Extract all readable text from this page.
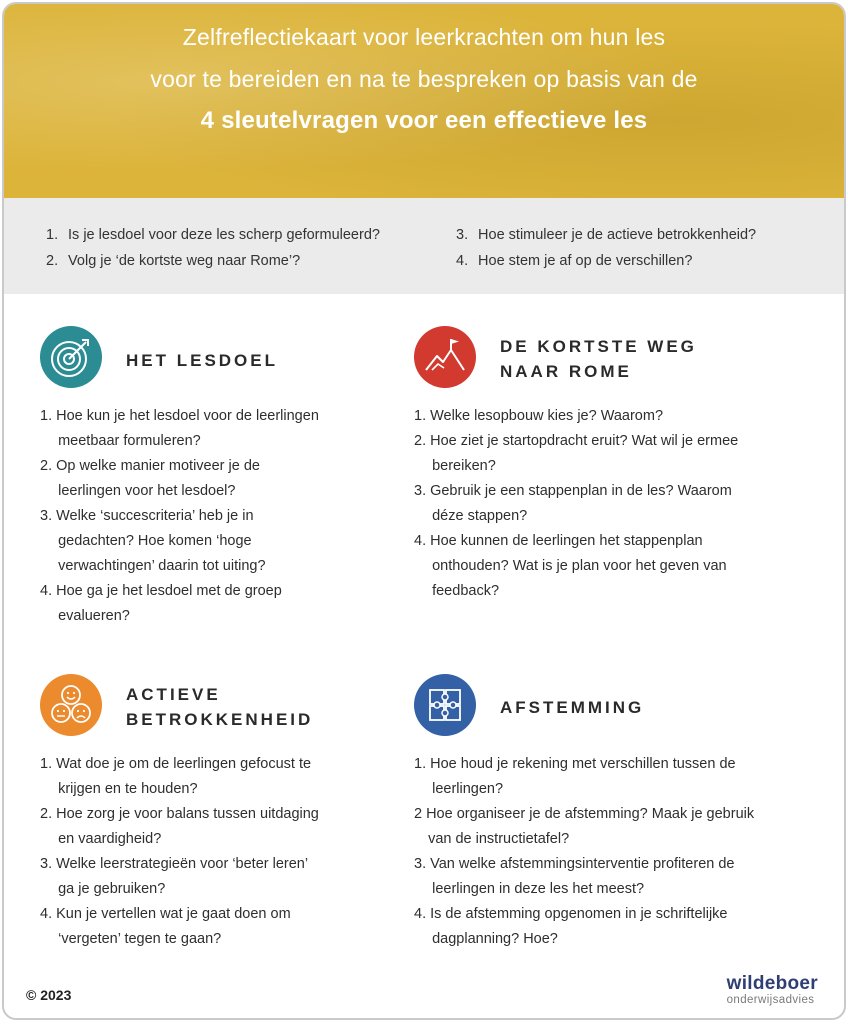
Zelfreflectiekaart voor leerkrachten om hun les
voor te bereiden en na te bespreken op basis van de
4 sleutelvragen voor een effectieve les
1. Is je lesdoel voor deze les scherp geformuleerd?
2. Volg je ‘de kortste weg naar Rome’?
3. Hoe stimuleer je de actieve betrokkenheid?
4. Hoe stem je af op de verschillen?
HET LESDOEL
1. Hoe kun je het lesdoel voor de leerlingen
meetbaar formuleren?
2. Op welke manier motiveer je de
leerlingen voor het lesdoel?
3. Welke ‘succescriteria’ heb je in
gedachten? Hoe komen ‘hoge
verwachtingen’ daarin tot uiting?
4. Hoe ga je het lesdoel met de groep
evalueren?
DE KORTSTE WEG
NAAR ROME
1. Welke lesopbouw kies je? Waarom?
2. Hoe ziet je startopdracht eruit? Wat wil je ermee
bereiken?
3. Gebruik je een stappenplan in de les? Waarom
déze stappen?
4. Hoe kunnen de leerlingen het stappenplan
onthouden? Wat is je plan voor het geven van
feedback?
ACTIEVE
BETROKKENHEID
1. Wat doe je om de leerlingen gefocust te
krijgen en te houden?
2. Hoe zorg je voor balans tussen uitdaging
en vaardigheid?
3. Welke leerstrategieën voor ‘beter leren’
ga je gebruiken?
4. Kun je vertellen wat je gaat doen om
‘vergeten’ tegen te gaan?
AFSTEMMING
1. Hoe houd je rekening met verschillen tussen de
leerlingen?
2 Hoe organiseer je de afstemming? Maak je gebruik
van de instructietafel?
3. Van welke afstemmingsinterventie profiteren de
leerlingen in deze les het meest?
4. Is de afstemming opgenomen in je schriftelijke
dagplanning? Hoe?
© 2023
wildeboer
onderwijsadvies
